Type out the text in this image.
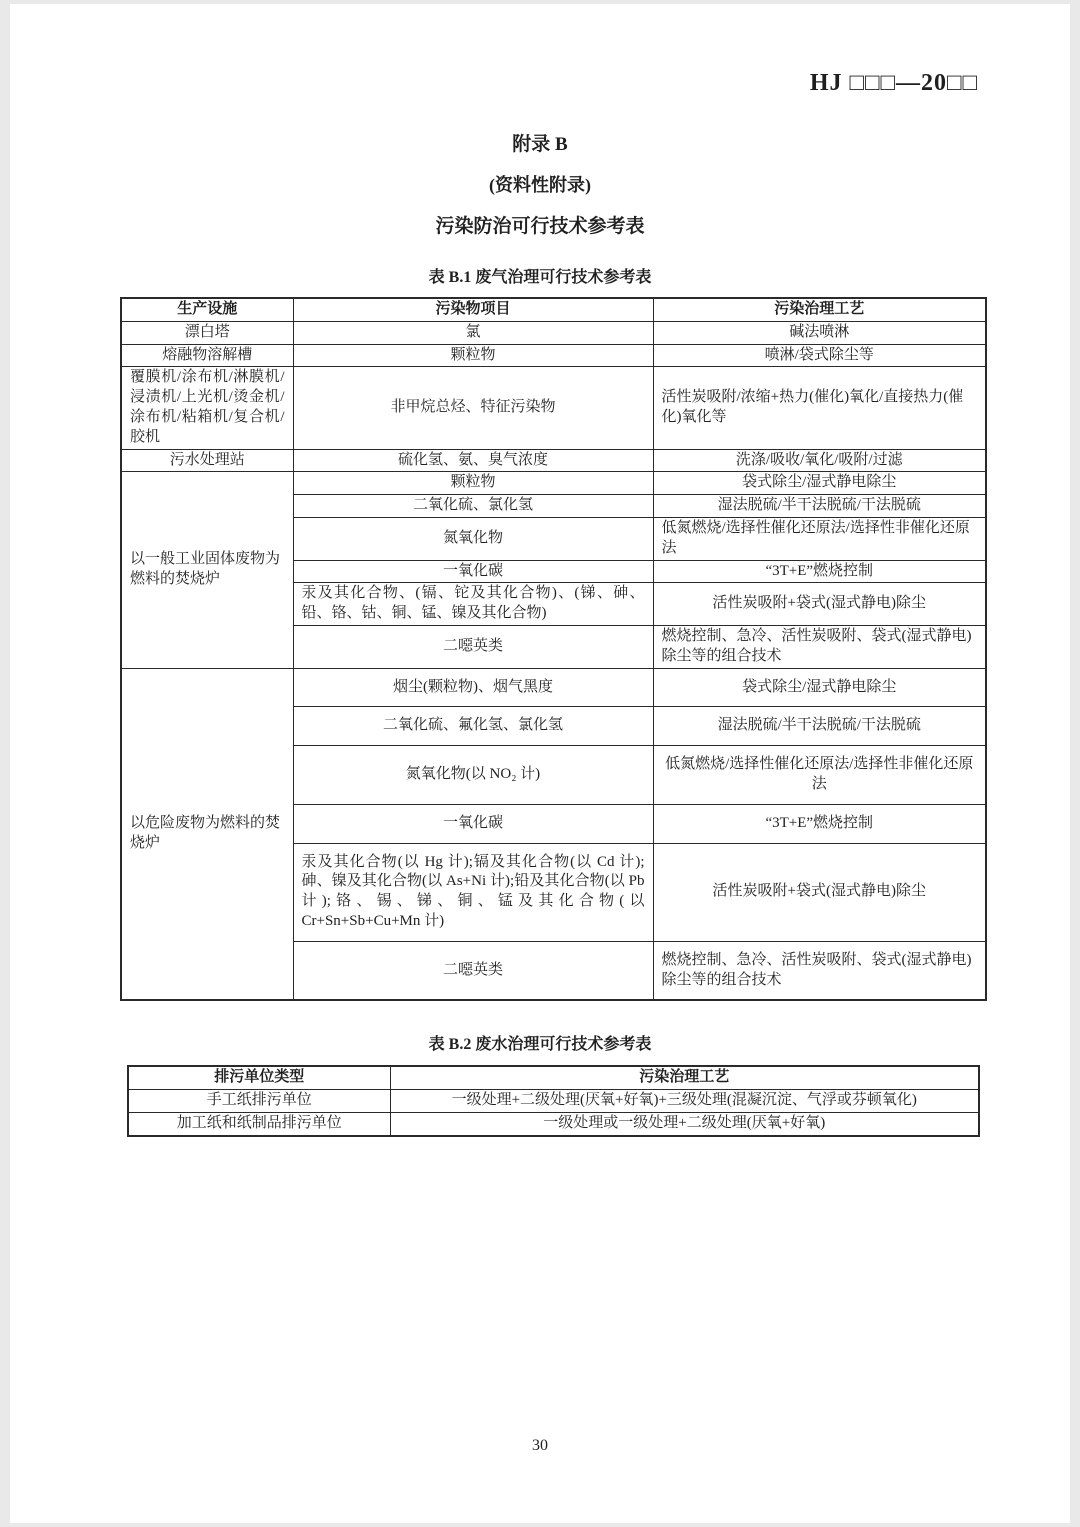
HJ □□□—20□□
附录 B
(资料性附录)
污染防治可行技术参考表
表 B.1 废气治理可行技术参考表
生产设施	污染物项目	污染治理工艺
漂白塔	氯	碱法喷淋
熔融物溶解槽	颗粒物	喷淋/袋式除尘等
覆膜机/涂布机/淋膜机/浸渍机/上光机/烫金机/涂布机/粘箱机/复合机/胶机	非甲烷总烃、特征污染物	活性炭吸附/浓缩+热力(催化)氧化/直接热力(催化)氧化等
污水处理站	硫化氢、氨、臭气浓度	洗涤/吸收/氧化/吸附/过滤
以一般工业固体废物为燃料的焚烧炉	颗粒物	袋式除尘/湿式静电除尘
	二氧化硫、氯化氢	湿法脱硫/半干法脱硫/干法脱硫
	氮氧化物	低氮燃烧/选择性催化还原法/选择性非催化还原法
	一氧化碳	“3T+E”燃烧控制
	汞及其化合物、(镉、铊及其化合物)、(锑、砷、铅、铬、钴、铜、锰、镍及其化合物)	活性炭吸附+袋式(湿式静电)除尘
	二噁英类	燃烧控制、急冷、活性炭吸附、袋式(湿式静电)除尘等的组合技术
以危险废物为燃料的焚烧炉	烟尘(颗粒物)、烟气黑度	袋式除尘/湿式静电除尘
	二氧化硫、氟化氢、氯化氢	湿法脱硫/半干法脱硫/干法脱硫
	氮氧化物(以 NO₂ 计)	低氮燃烧/选择性催化还原法/选择性非催化还原法
	一氧化碳	“3T+E”燃烧控制
	汞及其化合物(以 Hg 计);镉及其化合物(以 Cd 计);砷、镍及其化合物(以 As+Ni 计);铅及其化合物(以 Pb 计);铬、锡、锑、铜、锰及其化合物(以 Cr+Sn+Sb+Cu+Mn 计)	活性炭吸附+袋式(湿式静电)除尘
	二噁英类	燃烧控制、急冷、活性炭吸附、袋式(湿式静电)除尘等的组合技术
表 B.2 废水治理可行技术参考表
排污单位类型	污染治理工艺
手工纸排污单位	一级处理+二级处理(厌氧+好氧)+三级处理(混凝沉淀、气浮或芬顿氧化)
加工纸和纸制品排污单位	一级处理或一级处理+二级处理(厌氧+好氧)
30
